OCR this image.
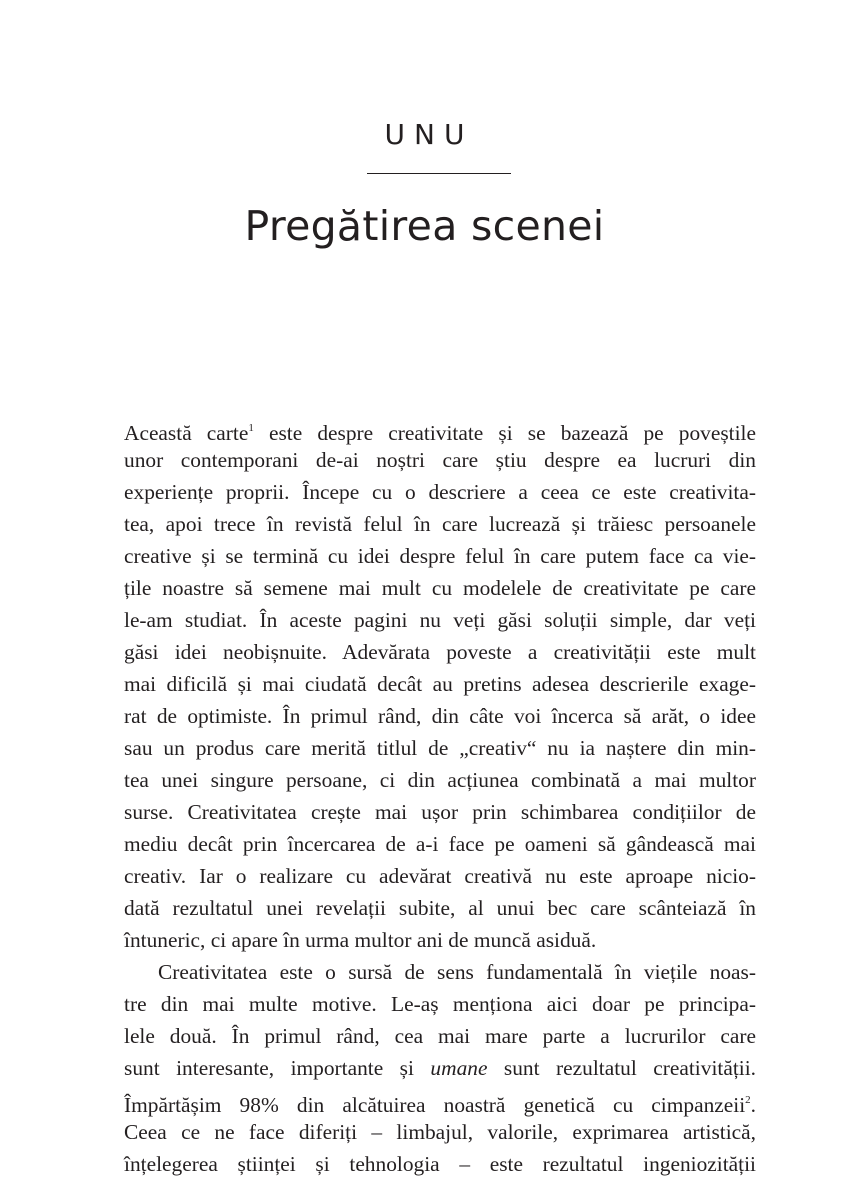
UNU
Pregătirea scenei
Această carte$^1$ este despre creativitate și se bazează pe poveștile
unor contemporani de-ai noștri care știu despre ea lucruri din
experiențe proprii. Începe cu o descriere a ceea ce este creativita-
tea, apoi trece în revistă felul în care lucrează și trăiesc persoanele
creative și se termină cu idei despre felul în care putem face ca vie-
țile noastre să semene mai mult cu modelele de creativitate pe care
le-am studiat. În aceste pagini nu veți găsi soluții simple, dar veți
găsi idei neobișnuite. Adevărata poveste a creativității este mult
mai dificilă și mai ciudată decât au pretins adesea descrierile exage-
rat de optimiste. În primul rând, din câte voi încerca să arăt, o idee
sau un produs care merită titlul de „creativ“ nu ia naștere din min-
tea unei singure persoane, ci din acțiunea combinată a mai multor
surse. Creativitatea crește mai ușor prin schimbarea condițiilor de
mediu decât prin încercarea de a-i face pe oameni să gândească mai
creativ. Iar o realizare cu adevărat creativă nu este aproape nicio-
dată rezultatul unei revelații subite, al unui bec care scânteiază în
întuneric, ci apare în urma multor ani de muncă asiduă.
Creativitatea este o sursă de sens fundamentală în viețile noas-
tre din mai multe motive. Le-aș menționa aici doar pe principa-
lele două. În primul rând, cea mai mare parte a lucrurilor care
sunt interesante, importante și umane sunt rezultatul creativității.
Împărtășim 98% din alcătuirea noastră genetică cu cimpanzeii$^2$.
Ceea ce ne face diferiți – limbajul, valorile, exprimarea artistică,
înțelegerea științei și tehnologia – este rezultatul ingeniozității
